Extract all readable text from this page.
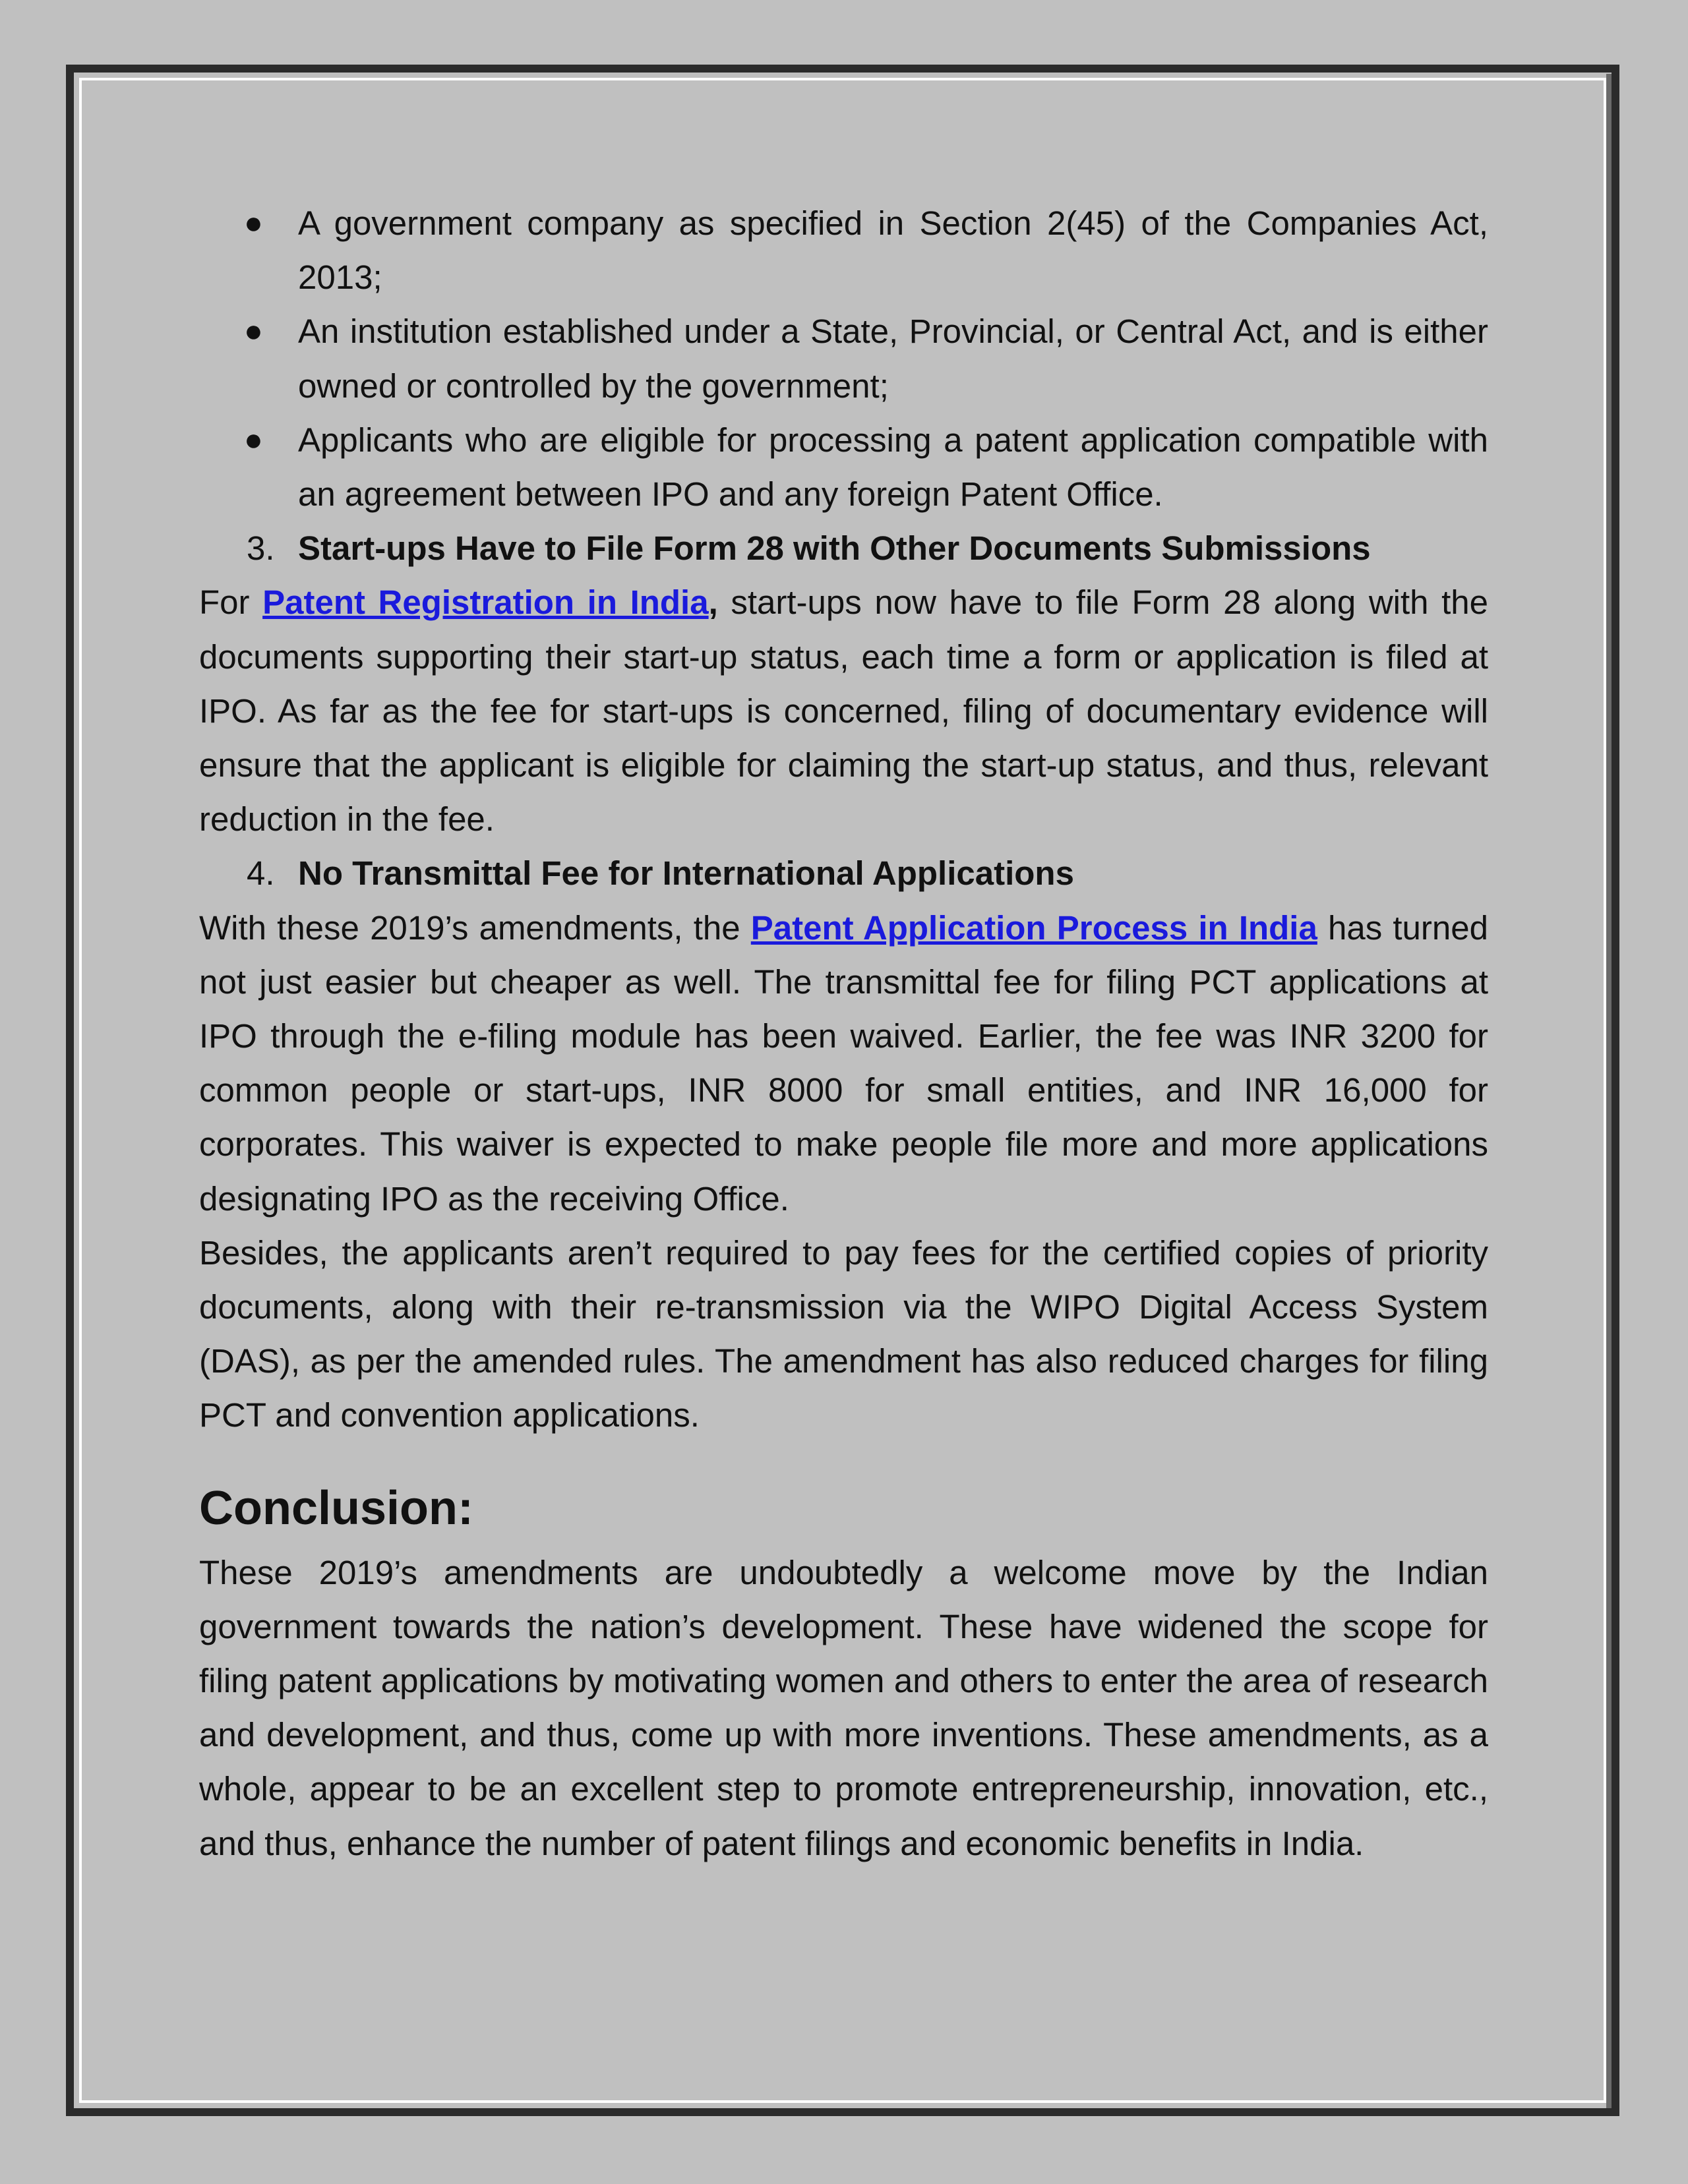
● A government company as specified in Section 2(45) of the Companies Act, 2013;
● An institution established under a State, Provincial, or Central Act, and is either owned or controlled by the government;
● Applicants who are eligible for processing a patent application compatible with an agreement between IPO and any foreign Patent Office.
3. Start-ups Have to File Form 28 with Other Documents Submissions

For Patent Registration in India, start-ups now have to file Form 28 along with the documents supporting their start-up status, each time a form or application is filed at IPO. As far as the fee for start-ups is concerned, filing of documentary evidence will ensure that the applicant is eligible for claiming the start-up status, and thus, relevant reduction in the fee.

4. No Transmittal Fee for International Applications

With these 2019’s amendments, the Patent Application Process in India has turned not just easier but cheaper as well. The transmittal fee for filing PCT applications at IPO through the e-filing module has been waived. Earlier, the fee was INR 3200 for common people or start-ups, INR 8000 for small entities, and INR 16,000 for corporates. This waiver is expected to make people file more and more applications designating IPO as the receiving Office.

Besides, the applicants aren’t required to pay fees for the certified copies of priority documents, along with their re-transmission via the WIPO Digital Access System (DAS), as per the amended rules. The amendment has also reduced charges for filing PCT and convention applications.

Conclusion:

These 2019’s amendments are undoubtedly a welcome move by the Indian government towards the nation’s development. These have widened the scope for filing patent applications by motivating women and others to enter the area of research and development, and thus, come up with more inventions. These amendments, as a whole, appear to be an excellent step to promote entrepreneurship, innovation, etc., and thus, enhance the number of patent filings and economic benefits in India.
